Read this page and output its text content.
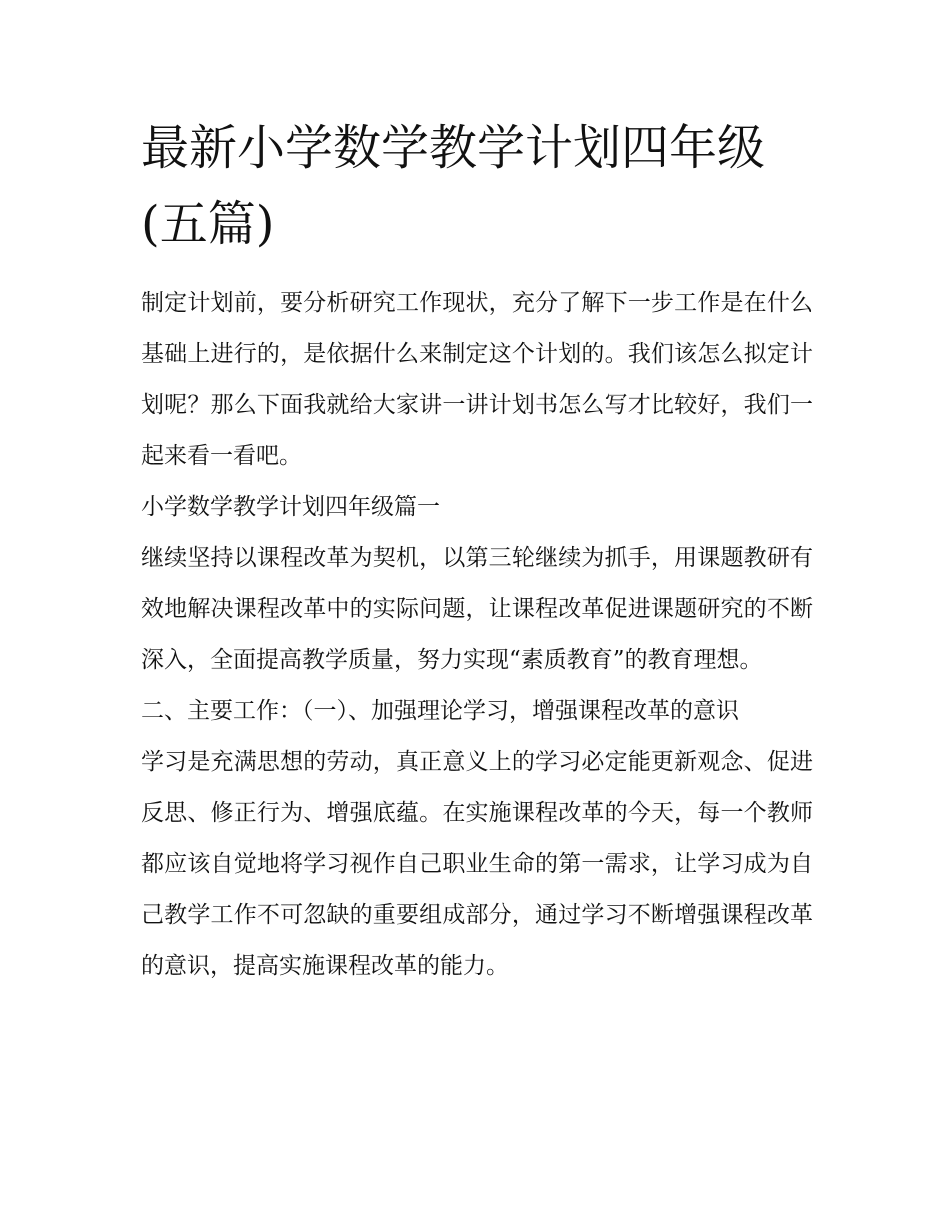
最新小学数学教学计划四年级(五篇)

制定计划前，要分析研究工作现状，充分了解下一步工作是在什么基础上进行的，是依据什么来制定这个计划的。我们该怎么拟定计划呢？那么下面我就给大家讲一讲计划书怎么写才比较好，我们一起来看一看吧。

小学数学教学计划四年级篇一

继续坚持以课程改革为契机，以第三轮继续为抓手，用课题教研有效地解决课程改革中的实际问题，让课程改革促进课题研究的不断深入，全面提高教学质量，努力实现“素质教育”的教育理想。

二、主要工作：（一）、加强理论学习，增强课程改革的意识

学习是充满思想的劳动，真正意义上的学习必定能更新观念、促进反思、修正行为、增强底蕴。在实施课程改革的今天，每一个教师都应该自觉地将学习视作自己职业生命的第一需求，让学习成为自己教学工作不可忽缺的重要组成部分，通过学习不断增强课程改革的意识，提高实施课程改革的能力。
